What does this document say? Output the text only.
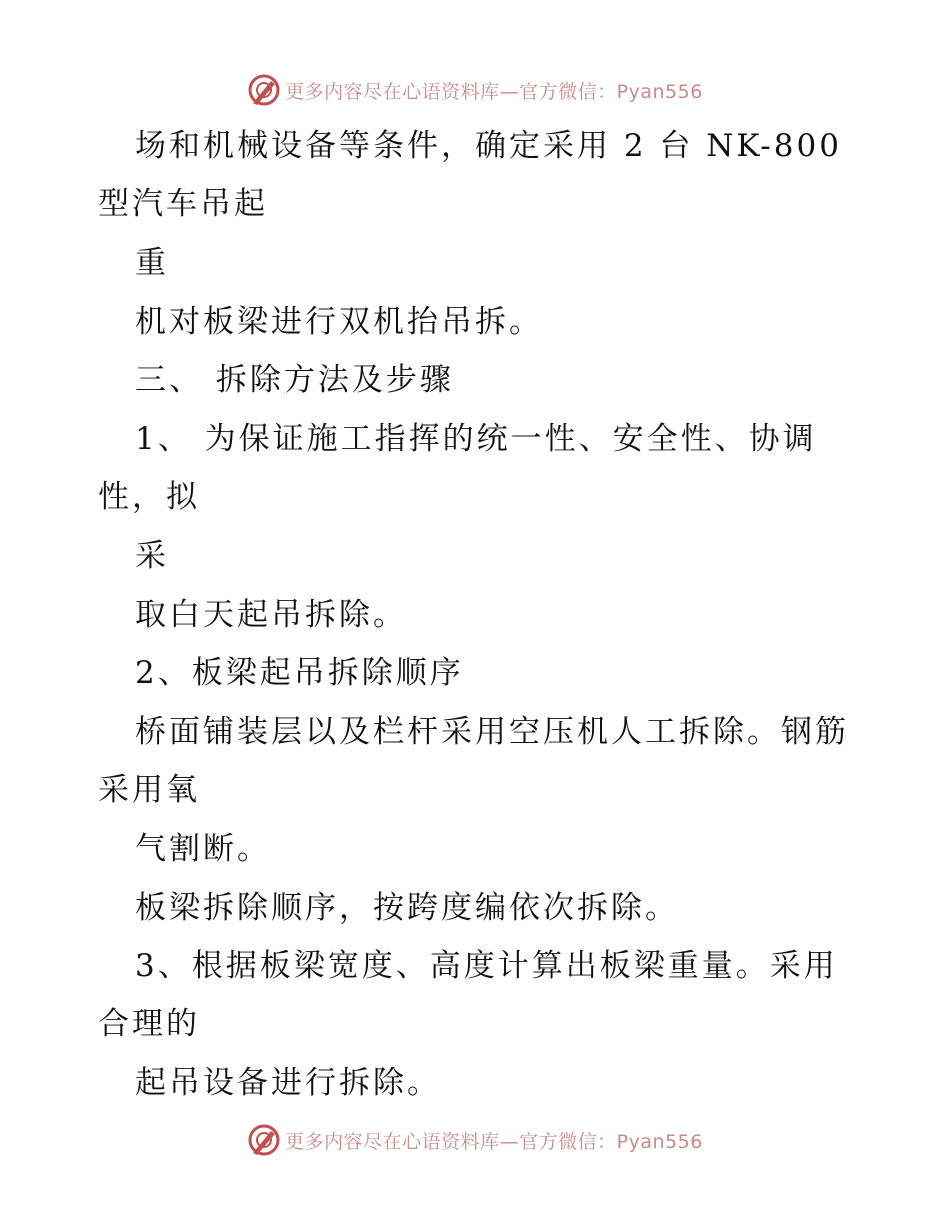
更多内容尽在心语资料库—官方微信：Pyan556
场和机械设备等条件，确定采用 2 台 NK-800
型汽车吊起
重
机对板梁进行双机抬吊拆。
三、 拆除方法及步骤
1、 为保证施工指挥的统一性、安全性、协调
性，拟
采
取白天起吊拆除。
2、板梁起吊拆除顺序
桥面铺装层以及栏杆采用空压机人工拆除。钢筋
采用氧
气割断。
板梁拆除顺序，按跨度编依次拆除。
3、根据板梁宽度、高度计算出板梁重量。采用
合理的
起吊设备进行拆除。
更多内容尽在心语资料库—官方微信：Pyan556
